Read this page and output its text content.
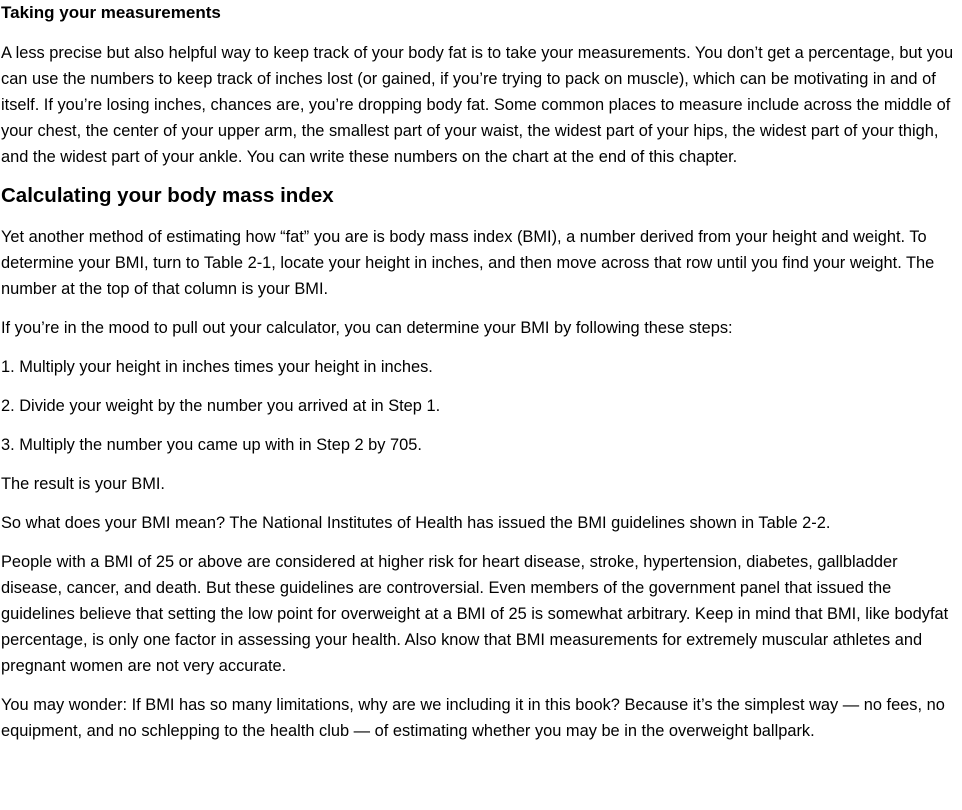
Taking your measurements

A less precise but also helpful way to keep track of your body fat is to take your measurements. You don’t get a percentage, but you can use the numbers to keep track of inches lost (or gained, if you’re trying to pack on muscle), which can be motivating in and of itself. If you’re losing inches, chances are, you’re dropping body fat. Some common places to measure include across the middle of your chest, the center of your upper arm, the smallest part of your waist, the widest part of your hips, the widest part of your thigh, and the widest part of your ankle. You can write these numbers on the chart at the end of this chapter.

Calculating your body mass index

Yet another method of estimating how “fat” you are is body mass index (BMI), a number derived from your height and weight. To determine your BMI, turn to Table 2-1, locate your height in inches, and then move across that row until you find your weight. The number at the top of that column is your BMI.

If you’re in the mood to pull out your calculator, you can determine your BMI by following these steps:

1. Multiply your height in inches times your height in inches.

2. Divide your weight by the number you arrived at in Step 1.

3. Multiply the number you came up with in Step 2 by 705.

The result is your BMI.

So what does your BMI mean? The National Institutes of Health has issued the BMI guidelines shown in Table 2-2.

People with a BMI of 25 or above are considered at higher risk for heart disease, stroke, hypertension, diabetes, gallbladder disease, cancer, and death. But these guidelines are controversial. Even members of the government panel that issued the guidelines believe that setting the low point for overweight at a BMI of 25 is somewhat arbitrary. Keep in mind that BMI, like bodyfat percentage, is only one factor in assessing your health. Also know that BMI measurements for extremely muscular athletes and pregnant women are not very accurate.

You may wonder: If BMI has so many limitations, why are we including it in this book? Because it’s the simplest way — no fees, no equipment, and no schlepping to the health club — of estimating whether you may be in the overweight ballpark.
